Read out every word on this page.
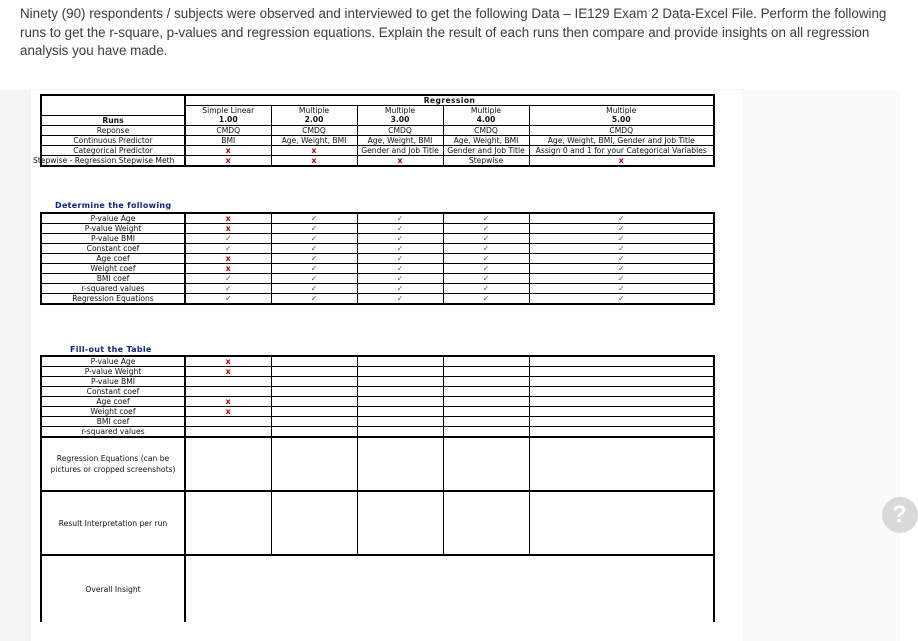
Ninety (90) respondents / subjects were observed and interviewed to get the following Data – IE129 Exam 2 Data-Excel File. Perform the following runs to get the r-square, p-values and regression equations. Explain the result of each runs then compare and provide insights on all regression analysis you have made.
	Regression				
	Simple Linear	Multiple	Multiple	Multiple	Multiple
Runs	1.00	2.00	3.00	4.00	5.00
Reponse	CMDQ	CMDQ	CMDQ	CMDQ	CMDQ
Continuous Predictor	BMI	Age, Weight, BMI	Age, Weight, BMI	Age, Weight, BMI	Age, Weight, BMI, Gender and Job Title
Categorical Predictor	x	x	Gender and Job Title	Gender and Job Title	Assign 0 and 1 for your Categorical Variables
Stepwise - Regression Stepwise Meth	x	x	x	Stepwise	x
Determine the following
P-value Age	x	✓	✓	✓	✓
P-value Weight	x	✓	✓	✓	✓
P-value BMI	✓	✓	✓	✓	✓
Constant coef	✓	✓	✓	✓	✓
Age coef	x	✓	✓	✓	✓
Weight coef	x	✓	✓	✓	✓
BMI coef	✓	✓	✓	✓	✓
r-squared values	✓	✓	✓	✓	✓
Regression Equations	✓	✓	✓	✓	✓
Fill-out the Table
P-value Age	x				
P-value Weight	x				
P-value BMI					
Constant coef					
Age coef	x				
Weight coef	x				
BMI coef					
r-squared values					
Regression Equations (can be
pictures or cropped screenshots)					
Result Interpretation per run					
Overall Insight					
?
